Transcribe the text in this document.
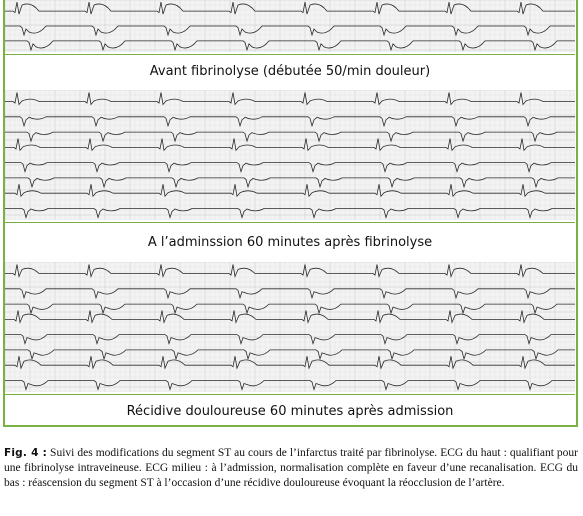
Avant fibrinolyse (débutée 50/min douleur)
A l’adminssion 60 minutes après fibrinolyse
Récidive douloureuse 60 minutes après admission
Fig. 4 : Suivi des modifications du segment ST au cours de l’infarctus traité par fibrinolyse. ECG du haut : qualifiant pour une fibrinolyse intraveineuse. ECG milieu : à l’admission, normalisation complète en faveur d’une recanalisation. ECG du bas : réascension du segment ST à l’occasion d’une récidive douloureuse évoquant la réocclusion de l’artère.
